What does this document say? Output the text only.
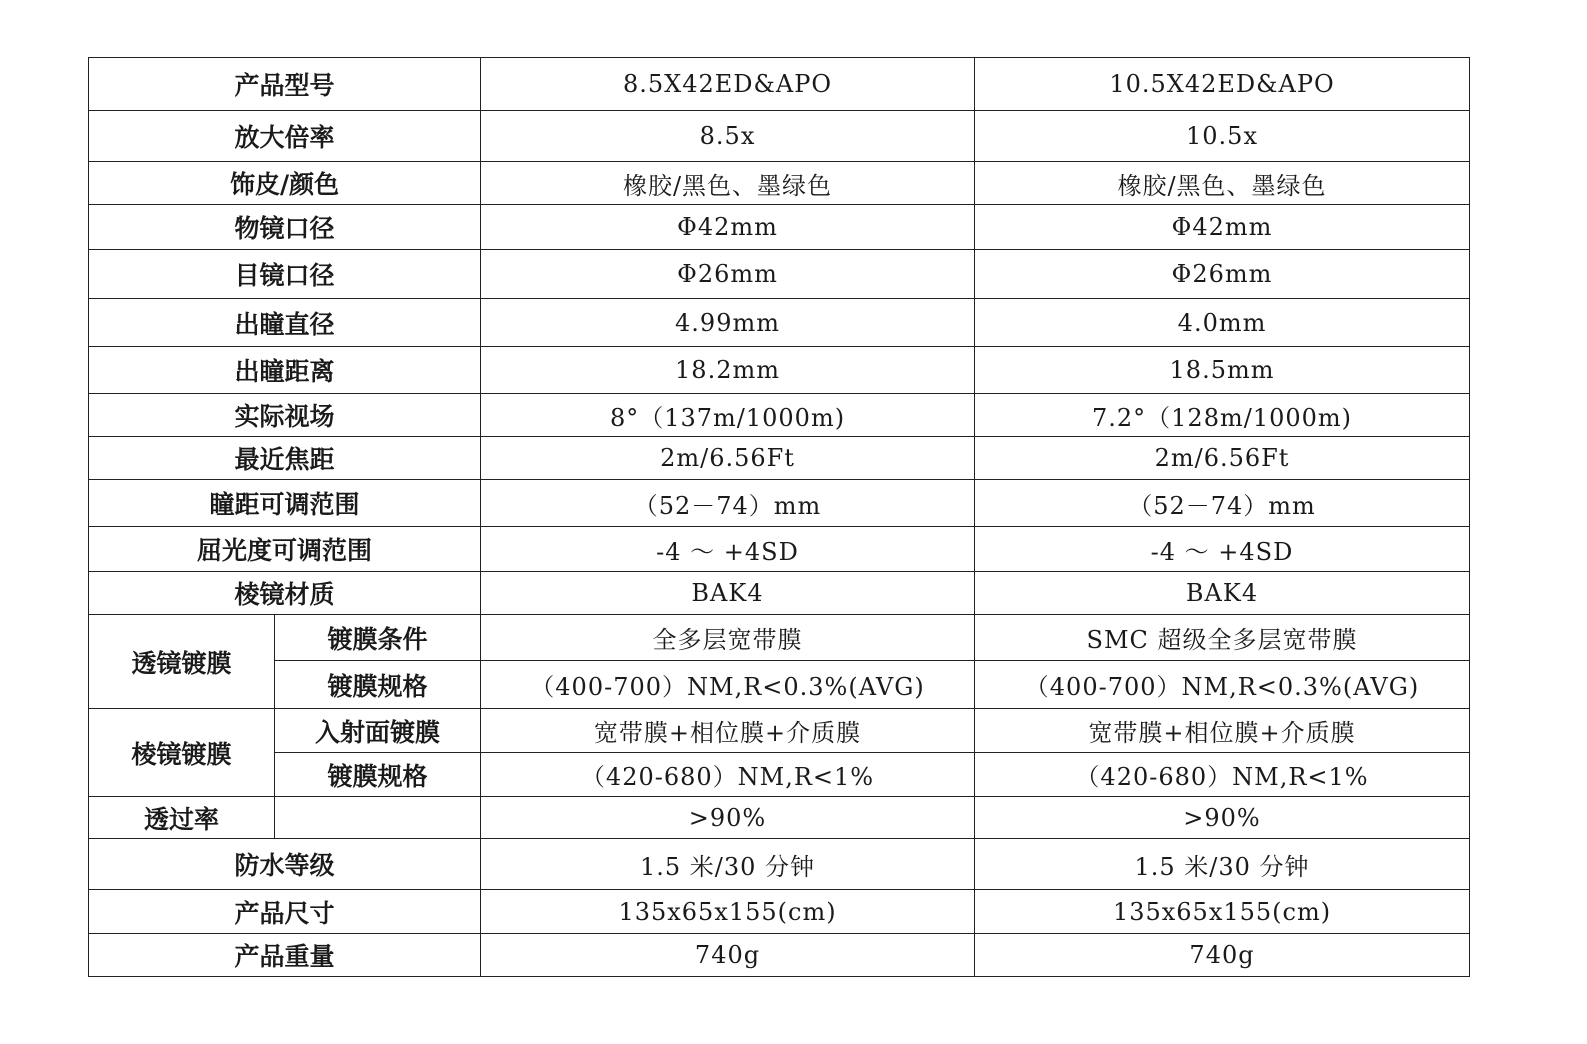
产品型号		8.5X42ED&APO	10.5X42ED&APO
放大倍率		8.5x	10.5x
饰皮/颜色		橡胶/黑色、墨绿色	橡胶/黑色、墨绿色
物镜口径		Φ42mm	Φ42mm
目镜口径		Φ26mm	Φ26mm
出瞳直径		4.99mm	4.0mm
出瞳距离		18.2mm	18.5mm
实际视场		8°（137m/1000m)	7.2°（128m/1000m)
最近焦距		2m/6.56Ft	2m/6.56Ft
瞳距可调范围		（52－74）mm	（52－74）mm
屈光度可调范围		-4 ～ +4SD	-4 ～ +4SD
棱镜材质		BAK4	BAK4
透镜镀膜	镀膜条件	全多层宽带膜	SMC 超级全多层宽带膜
	镀膜规格	（400-700）NM,R<0.3%(AVG)	（400-700）NM,R<0.3%(AVG)
棱镜镀膜	入射面镀膜	宽带膜+相位膜+介质膜	宽带膜+相位膜+介质膜
	镀膜规格	（420-680）NM,R<1%	（420-680）NM,R<1%
透过率		>90%	>90%
防水等级		1.5 米/30 分钟	1.5 米/30 分钟
产品尺寸		135x65x155(cm)	135x65x155(cm)
产品重量		740g	740g
